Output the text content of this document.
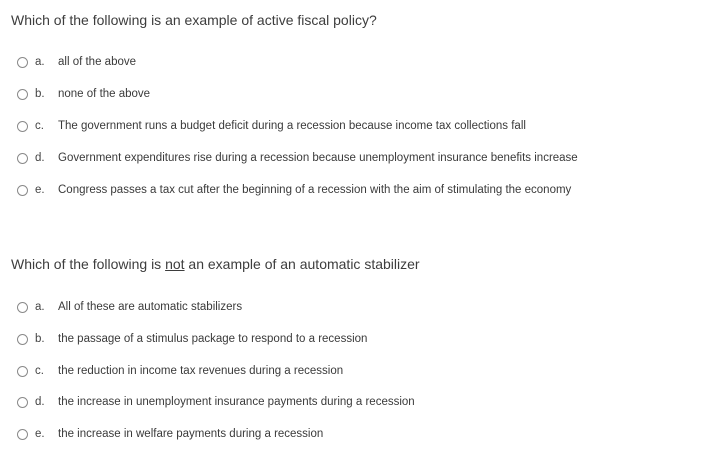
Which of the following is an example of active fiscal policy?
a.	all of the above
b.	none of the above
c.	The government runs a budget deficit during a recession because income tax collections fall
d.	Government expenditures rise during a recession because unemployment insurance benefits increase
e.	Congress passes a tax cut after the beginning of a recession with the aim of stimulating the economy
Which of the following is not an example of an automatic stabilizer
a.	All of these are automatic stabilizers
b.	the passage of a stimulus package to respond to a recession
c.	the reduction in income tax revenues during a recession
d.	the increase in unemployment insurance payments during a recession
e.	the increase in welfare payments during a recession
